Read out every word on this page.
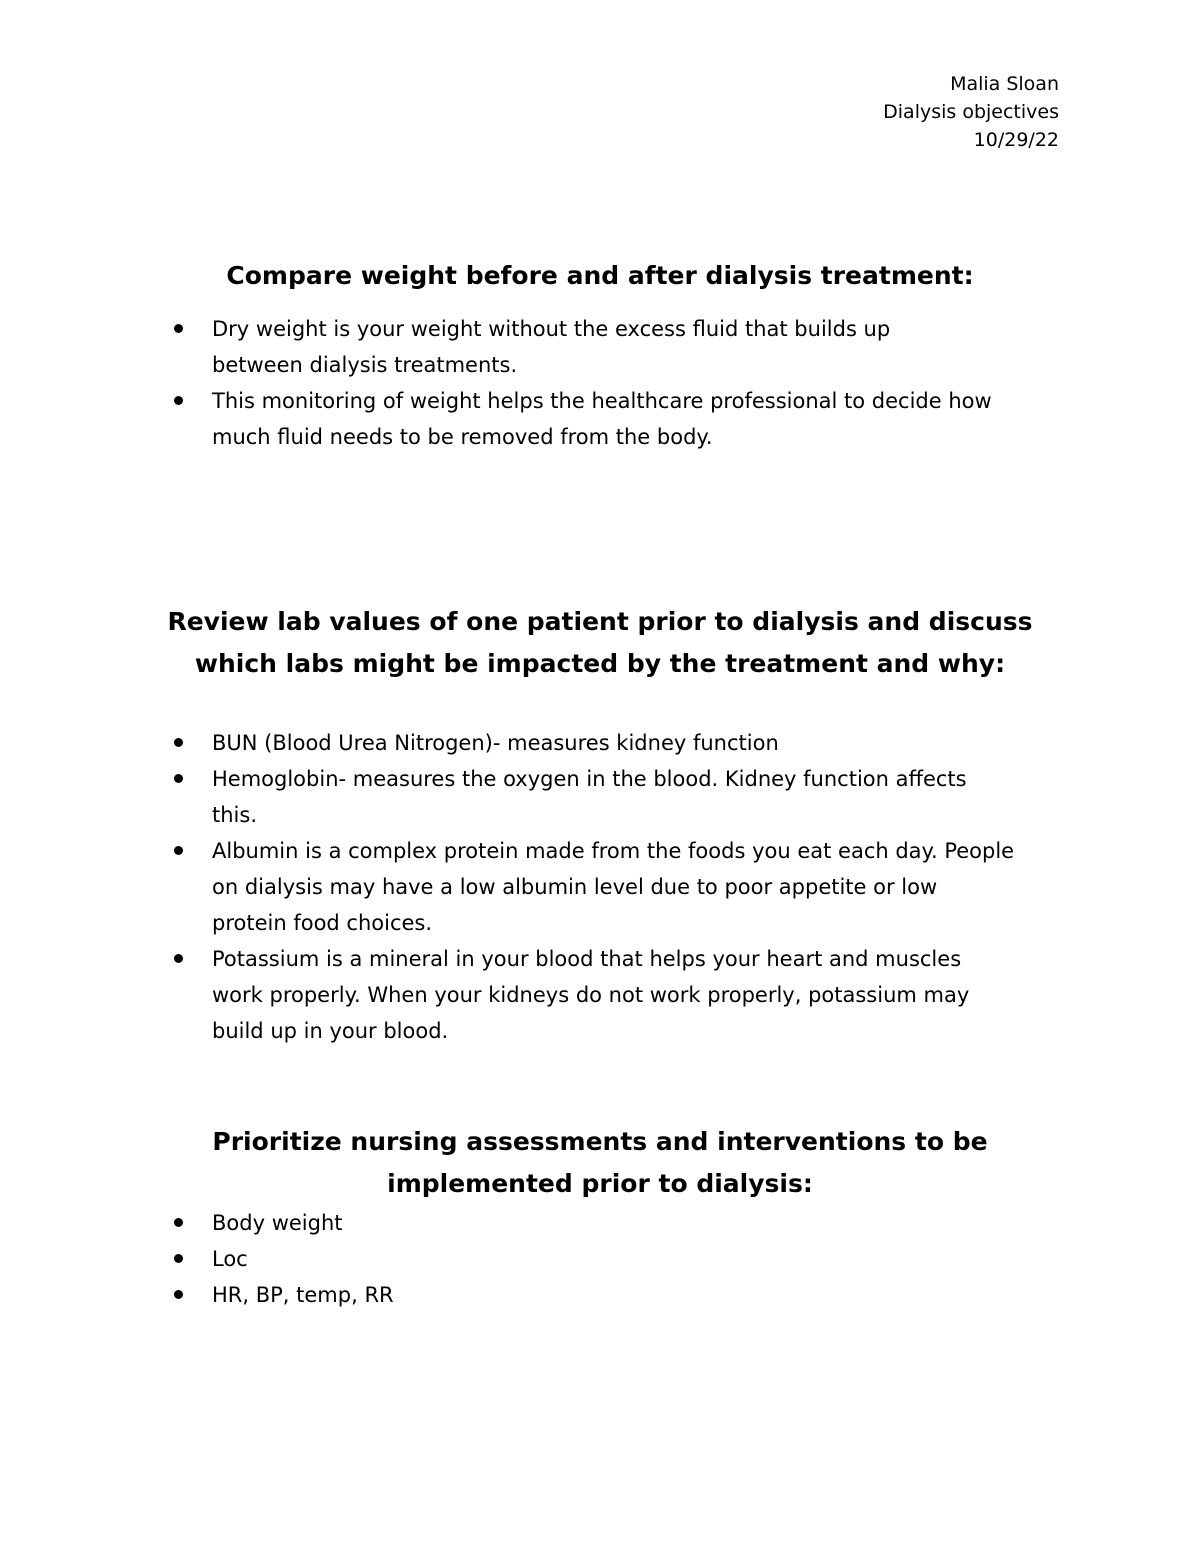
Malia Sloan
Dialysis objectives
10/29/22
Compare weight before and after dialysis treatment:
Dry weight is your weight without the excess fluid that builds up
between dialysis treatments.
This monitoring of weight helps the healthcare professional to decide how
much fluid needs to be removed from the body.
Review lab values of one patient prior to dialysis and discuss
which labs might be impacted by the treatment and why:
BUN (Blood Urea Nitrogen)- measures kidney function
Hemoglobin- measures the oxygen in the blood. Kidney function affects
this.
Albumin is a complex protein made from the foods you eat each day. People
on dialysis may have a low albumin level due to poor appetite or low
protein food choices.
Potassium is a mineral in your blood that helps your heart and muscles
work properly. When your kidneys do not work properly, potassium may
build up in your blood.
Prioritize nursing assessments and interventions to be
implemented prior to dialysis:
Body weight
Loc
HR, BP, temp, RR
